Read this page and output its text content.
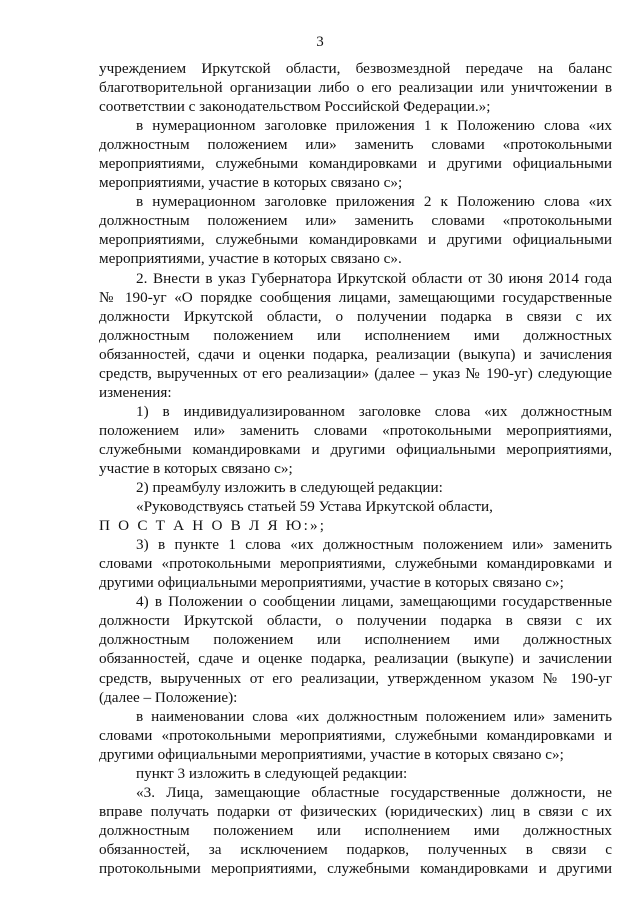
3
учреждением Иркутской области, безвозмездной передаче на баланс
благотворительной организации либо о его реализации или уничтожении в
соответствии с законодательством Российской Федерации.»;
в нумерационном заголовке приложения 1 к Положению слова «их
должностным положением или» заменить словами «протокольными
мероприятиями, служебными командировками и другими официальными
мероприятиями, участие в которых связано с»;
в нумерационном заголовке приложения 2 к Положению слова «их
должностным положением или» заменить словами «протокольными
мероприятиями, служебными командировками и другими официальными
мероприятиями, участие в которых связано с».
2. Внести в указ Губернатора Иркутской области от 30 июня 2014 года
№ 190-уг «О порядке сообщения лицами, замещающими государственные
должности Иркутской области, о получении подарка в связи с их
должностным положением или исполнением ими должностных
обязанностей, сдачи и оценки подарка, реализации (выкупа) и зачисления
средств, вырученных от его реализации» (далее – указ № 190-уг) следующие
изменения:
1) в индивидуализированном заголовке слова «их должностным
положением или» заменить словами «протокольными мероприятиями,
служебными командировками и другими официальными мероприятиями,
участие в которых связано с»;
2) преамбулу изложить в следующей редакции:
«Руководствуясь статьей 59 Устава Иркутской области,
П О С Т А Н О В Л Я Ю:»;
3) в пункте 1 слова «их должностным положением или» заменить
словами «протокольными мероприятиями, служебными командировками и
другими официальными мероприятиями, участие в которых связано с»;
4) в Положении о сообщении лицами, замещающими государственные
должности Иркутской области, о получении подарка в связи с их
должностным положением или исполнением ими должностных
обязанностей, сдаче и оценке подарка, реализации (выкупе) и зачислении
средств, вырученных от его реализации, утвержденном указом № 190-уг
(далее – Положение):
в наименовании слова «их должностным положением или» заменить
словами «протокольными мероприятиями, служебными командировками и
другими официальными мероприятиями, участие в которых связано с»;
пункт 3 изложить в следующей редакции:
«3. Лица, замещающие областные государственные должности, не
вправе получать подарки от физических (юридических) лиц в связи с их
должностным положением или исполнением ими должностных
обязанностей, за исключением подарков, полученных в связи с
протокольными мероприятиями, служебными командировками и другими
